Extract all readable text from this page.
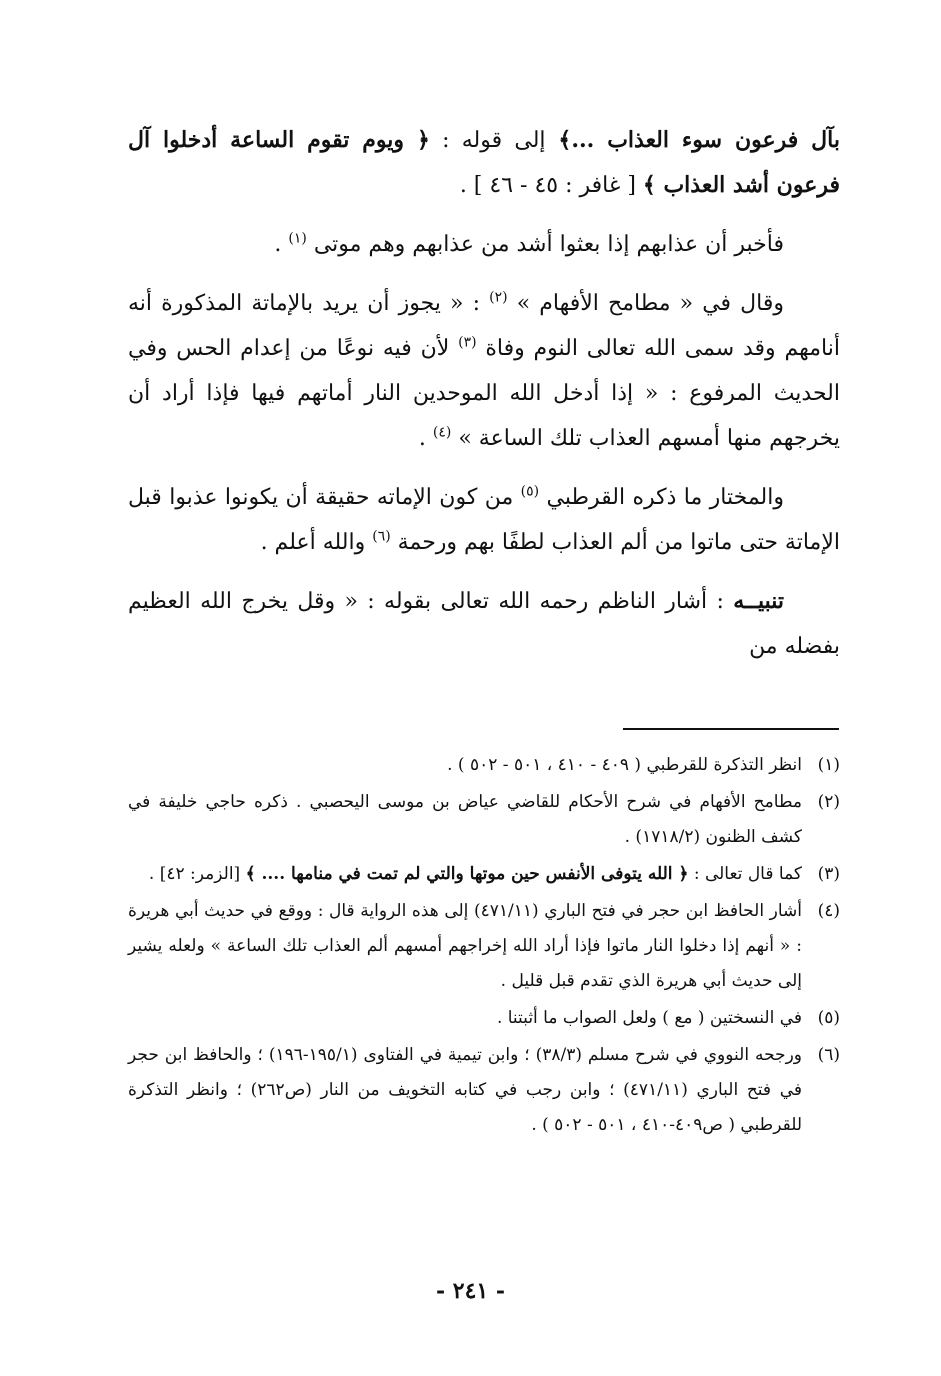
بآل فرعون سوء العذاب ...﴾ إلى قوله : ﴿ ويوم تقوم الساعة أدخلوا آل فرعون أشد العذاب ﴾ [ غافر : ٤٥ - ٤٦ ] .

فأخبر أن عذابهم إذا بعثوا أشد من عذابهم وهم موتى $^{(١)}$ .

وقال في « مطامح الأفهام » $^{(٢)}$ : « يجوز أن يريد بالإماتة المذكورة أنه أنامهم وقد سمى الله تعالى النوم وفاة $^{(٣)}$ لأن فيه نوعًا من إعدام الحس وفي الحديث المرفوع : « إذا أدخل الله الموحدين النار أماتهم فيها فإذا أراد أن يخرجهم منها أمسهم العذاب تلك الساعة » $^{(٤)}$ .

والمختار ما ذكره القرطبي $^{(٥)}$ من كون الإماته حقيقة أن يكونوا عذبوا قبل الإماتة حتى ماتوا من ألم العذاب لطفًا بهم ورحمة $^{(٦)}$ والله أعلم .

تنبيــه : أشار الناظم رحمه الله تعالى بقوله : « وقل يخرج الله العظيم بفضله من

(١)
انظر التذكرة للقرطبي ( ٤٠٩ - ٤١٠ ، ٥٠١ - ٥٠٢ ) .
(٢)
مطامح الأفهام في شرح الأحكام للقاضي عياض بن موسى اليحصبي . ذكره حاجي خليفة في كشف الظنون (١٧١٨/٢) .
(٣)
كما قال تعالى : ﴿ الله يتوفى الأنفس حين موتها والتي لم تمت في منامها .... ﴾ [الزمر: ٤٢] .
(٤)
أشار الحافظ ابن حجر في فتح الباري (٤٧١/١١) إلى هذه الرواية قال : ووقع في حديث أبي هريرة : « أنهم إذا دخلوا النار ماتوا فإذا أراد الله إخراجهم أمسهم ألم العذاب تلك الساعة » ولعله يشير إلى حديث أبي هريرة الذي تقدم قبل قليل .
(٥)
في النسختين ( مع ) ولعل الصواب ما أثبتنا .
(٦)
ورجحه النووي في شرح مسلم (٣٨/٣) ؛ وابن تيمية في الفتاوى (١٩٥/١-١٩٦) ؛ والحافظ ابن حجر في فتح الباري (٤٧١/١١) ؛ وابن رجب في كتابه التخويف من النار (ص٢٦٢) ؛ وانظر التذكرة للقرطبي ( ص٤٠٩-٤١٠ ، ٥٠١ - ٥٠٢ ) .
- ٢٤١ -
